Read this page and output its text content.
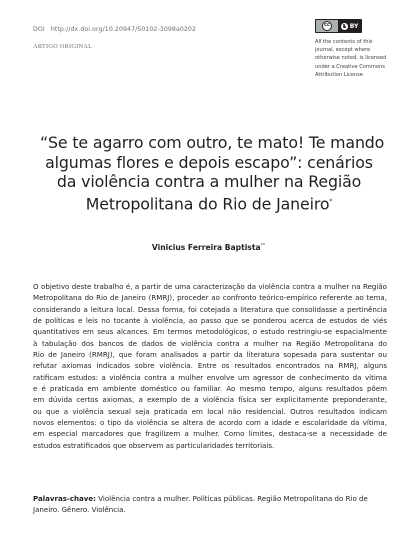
DOI http://dx.doi.org/10.20947/S0102-3098a0202
ARTIGO ORIGINAL
cc	BY
All the contents of this
journal, except where
otherwise noted, is licensed
under a Creative Commons
Attribution License
“Se te agarro com outro, te mato! Te mando
algumas flores e depois escapo”: cenários
da violência contra a mulher na Região
Metropolitana do Rio de Janeiro*
Vinicius Ferreira Baptista**
O objetivo deste trabalho é, a partir de uma caracterização da violência contra a mulher na Região
Metropolitana do Rio de Janeiro (RMRJ), proceder ao confronto teórico-empírico referente ao tema,
considerando a leitura local. Dessa forma, foi cotejada a literatura que consolidasse a pertinência
de políticas e leis no tocante à violência, ao passo que se ponderou acerca de estudos de viés
quantitativos em seus alcances. Em termos metodológicos, o estudo restringiu-se espacialmente
à tabulação dos bancos de dados de violência contra a mulher na Região Metropolitana do
Rio de Janeiro (RMRJ), que foram analisados a partir da literatura sopesada para sustentar ou
refutar axiomas indicados sobre violência. Entre os resultados encontrados na RMRJ, alguns
ratificam estudos: a violência contra a mulher envolve um agressor de conhecimento da vítima
e é praticada em ambiente doméstico ou familiar. Ao mesmo tempo, alguns resultados põem
em dúvida certos axiomas, a exemplo de a violência física ser explicitamente preponderante,
ou que a violência sexual seja praticada em local não residencial. Outros resultados indicam
novos elementos: o tipo da violência se altera de acordo com a idade e escolaridade da vítima,
em especial marcadores que fragilizem a mulher. Como limites, destaca-se a necessidade de
estudos estratificados que observem as particularidades territoriais.
Palavras-chave: Violência contra a mulher. Políticas públicas. Região Metropolitana do Rio de
Janeiro. Gênero. Violência.
